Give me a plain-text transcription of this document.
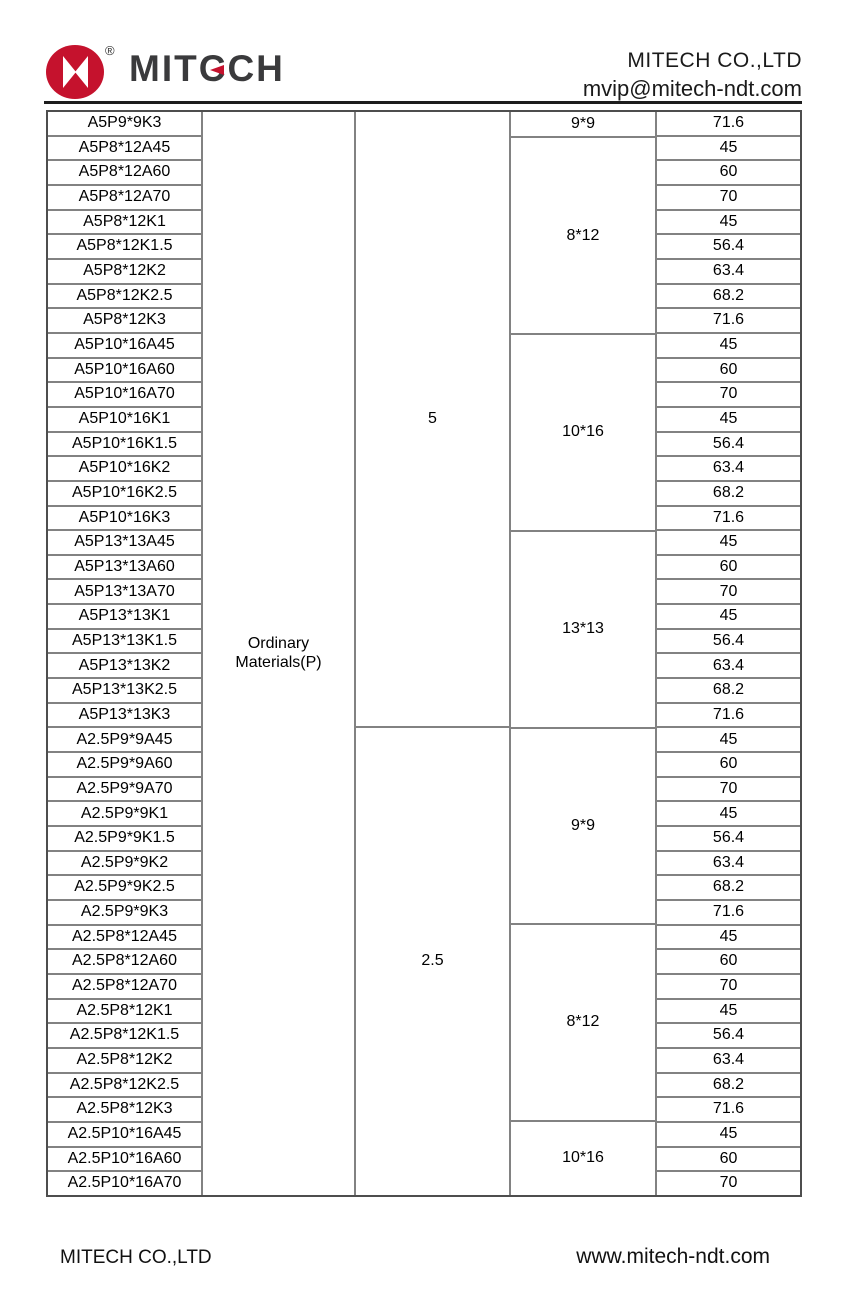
® MIT C CH	MITECH CO.,LTD
mvip@mitech-ndt.com
A5P9*9K3
A5P8*12A45
A5P8*12A60
A5P8*12A70
A5P8*12K1
A5P8*12K1.5
A5P8*12K2
A5P8*12K2.5
A5P8*12K3
A5P10*16A45
A5P10*16A60
A5P10*16A70
A5P10*16K1
A5P10*16K1.5
A5P10*16K2
A5P10*16K2.5
A5P10*16K3
A5P13*13A45
A5P13*13A60
A5P13*13A70
A5P13*13K1
A5P13*13K1.5
A5P13*13K2
A5P13*13K2.5
A5P13*13K3
A2.5P9*9A45
A2.5P9*9A60
A2.5P9*9A70
A2.5P9*9K1
A2.5P9*9K1.5
A2.5P9*9K2
A2.5P9*9K2.5
A2.5P9*9K3
A2.5P8*12A45
A2.5P8*12A60
A2.5P8*12A70
A2.5P8*12K1
A2.5P8*12K1.5
A2.5P8*12K2
A2.5P8*12K2.5
A2.5P8*12K3
A2.5P10*16A45
A2.5P10*16A60
A2.5P10*16A70
Ordinary
Materials(P)
5
2.5
9*9
8*12
10*16
13*13
9*9
8*12
10*16
71.6
45
60
70
45
56.4
63.4
68.2
71.6
45
60
70
45
56.4
63.4
68.2
71.6
45
60
70
45
56.4
63.4
68.2
71.6
45
60
70
45
56.4
63.4
68.2
71.6
45
60
70
45
56.4
63.4
68.2
71.6
45
60
70
MITECH CO.,LTD	www.mitech-ndt.com
